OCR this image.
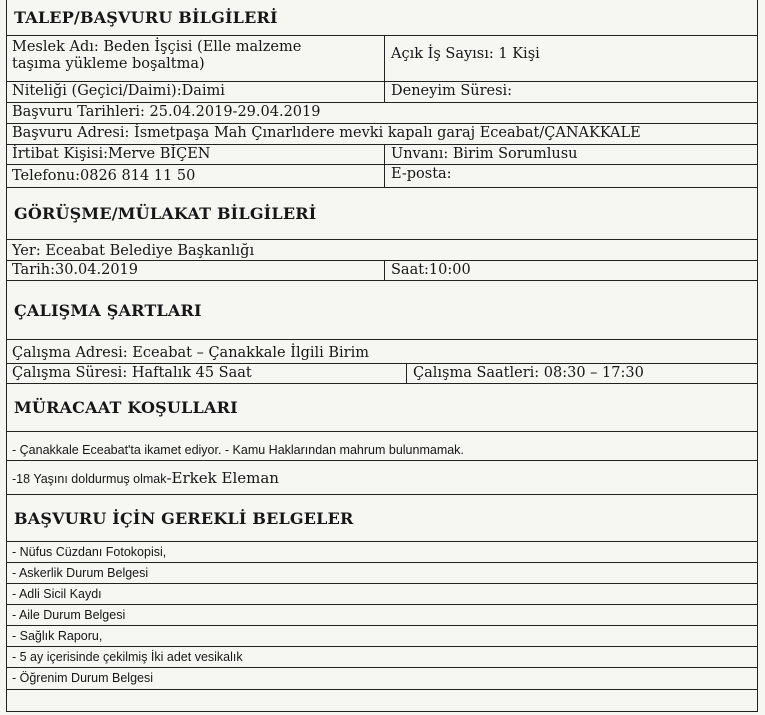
TALEP/BAŞVURU BİLGİLERİ
Meslek Adı: Beden İşçisi (Elle malzeme
taşıma yükleme boşaltma)
Açık İş Sayısı: 1 Kişi
Niteliği (Geçici/Daimi):Daimi	Deneyim Süresi:
Başvuru Tarihleri: 25.04.2019-29.04.2019
Başvuru Adresi: İsmetpaşa Mah Çınarlıdere mevki kapalı garaj Eceabat/ÇANAKKALE
İrtibat Kişisi:Merve BİÇEN	Unvanı: Birim Sorumlusu
Telefonu:0826 814 11 50	E-posta:
GÖRÜŞME/MÜLAKAT BİLGİLERİ
Yer: Eceabat Belediye Başkanlığı
Tarih:30.04.2019	Saat:10:00
ÇALIŞMA ŞARTLARI
Çalışma Adresi: Eceabat – Çanakkale İlgili Birim
Çalışma Süresi: Haftalık 45 Saat	Çalışma Saatleri: 08:30 – 17:30
MÜRACAAT KOŞULLARI
- Çanakkale Eceabat'ta ikamet ediyor. - Kamu Haklarından mahrum bulunmamak.
-18 Yaşını doldurmuş olmak-Erkek Eleman
BAŞVURU İÇİN GEREKLİ BELGELER
- Nüfus Cüzdanı Fotokopisi,
- Askerlik Durum Belgesi
- Adli Sicil Kaydı
- Aile Durum Belgesi
- Sağlık Raporu,
- 5 ay içerisinde çekilmiş İki adet vesikalık
- Öğrenim Durum Belgesi
